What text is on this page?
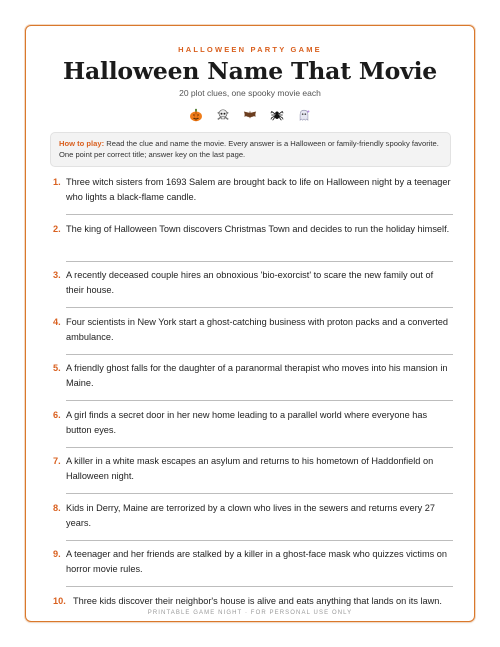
HALLOWEEN PARTY GAME
Halloween Name That Movie
20 plot clues, one spooky movie each
How to play: Read the clue and name the movie. Every answer is a Halloween or family-friendly spooky favorite. One point per correct title; answer key on the last page.
1. Three witch sisters from 1693 Salem are brought back to life on Halloween night by a teenager who lights a black-flame candle.
2. The king of Halloween Town discovers Christmas Town and decides to run the holiday himself.
3. A recently deceased couple hires an obnoxious 'bio-exorcist' to scare the new family out of their house.
4. Four scientists in New York start a ghost-catching business with proton packs and a converted ambulance.
5. A friendly ghost falls for the daughter of a paranormal therapist who moves into his mansion in Maine.
6. A girl finds a secret door in her new home leading to a parallel world where everyone has button eyes.
7. A killer in a white mask escapes an asylum and returns to his hometown of Haddonfield on Halloween night.
8. Kids in Derry, Maine are terrorized by a clown who lives in the sewers and returns every 27 years.
9. A teenager and her friends are stalked by a killer in a ghost-face mask who quizzes victims on horror movie rules.
10. Three kids discover their neighbor's house is alive and eats anything that lands on its lawn.
PRINTABLE GAME NIGHT · FOR PERSONAL USE ONLY
